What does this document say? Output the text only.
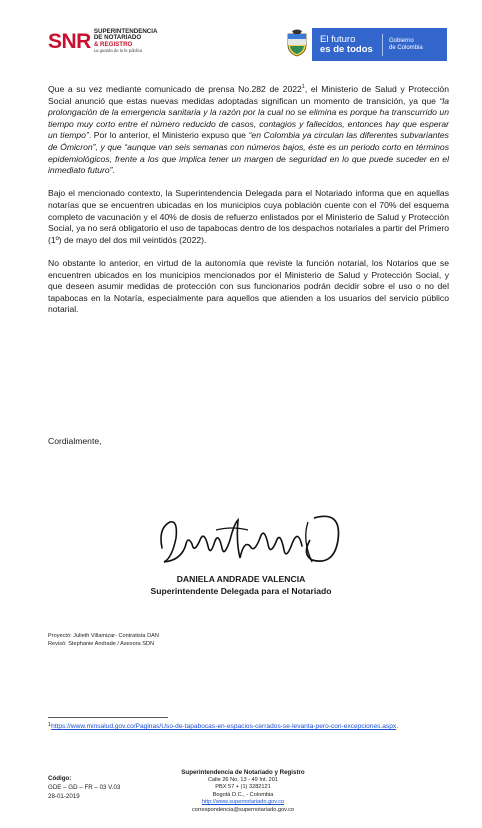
SNR SUPERINTENDENCIA
DE NOTARIADO
& REGISTRO
La guarda de la fe pública
El futuro
es de todos
Gobierno
de Colombia

Que a su vez mediante comunicado de prensa No.282 de 2022$^1$, el Ministerio de Salud y Protección Social anunció que estas nuevas medidas adoptadas significan un momento de transición, ya que “la prolongación de la emergencia sanitaria y la razón por la cual no se elimina es porque ha transcurrido un tiempo muy corto entre el número reducido de casos, contagios y fallecidos, entonces hay que esperar un tiempo”. Por lo anterior, el Ministerio expuso que “en Colombia ya circulan las diferentes subvariantes de Ómicron”, y que “aunque van seis semanas con números bajos, éste es un periodo corto en términos epidemiológicos, frente a los que implica tener un margen de seguridad en lo que puede suceder en el inmediato futuro”.

Bajo el mencionado contexto, la Superintendencia Delegada para el Notariado informa que en aquellas notarías que se encuentren ubicadas en los municipios cuya población cuente con el 70% del esquema completo de vacunación y el 40% de dosis de refuerzo enlistados por el Ministerio de Salud y Protección Social, ya no será obligatorio el uso de tapabocas dentro de los despachos notariales a partir del Primero (1º) de mayo del dos mil veintidós (2022).

No obstante lo anterior, en virtud de la autonomía que reviste la función notarial, los Notarios que se encuentren ubicados en los municipios mencionados por el Ministerio de Salud y Protección Social, y que deseen asumir medidas de protección con sus funcionarios podrán decidir sobre el uso o no del tapabocas en la Notaría, especialmente para aquellos que atienden a los usuarios del servicio público notarial.

Cordialmente,
DANIELA ANDRADE VALENCIA
Superintendente Delegada para el Notariado
Proyectó: Julieth Villamizar- Contratista DAN
Revisó: Stephanie Andrade / Asesora SDN
$^1$https://www.minsalud.gov.co/Paginas/Uso-de-tapabocas-en-espacios-cerrados-se-levanta-pero-con-excepciones.aspx.
Código:
GDE – GD – FR – 03 V.03
28-01-2019
Superintendencia de Notariado y Registro
Calle 26 No. 13 - 49 Int. 201
PBX 57 + (1) 3282121
Bogotá D.C., - Colombia
http://www.supernotariado.gov.co
correspondencia@supernotariado.gov.co
